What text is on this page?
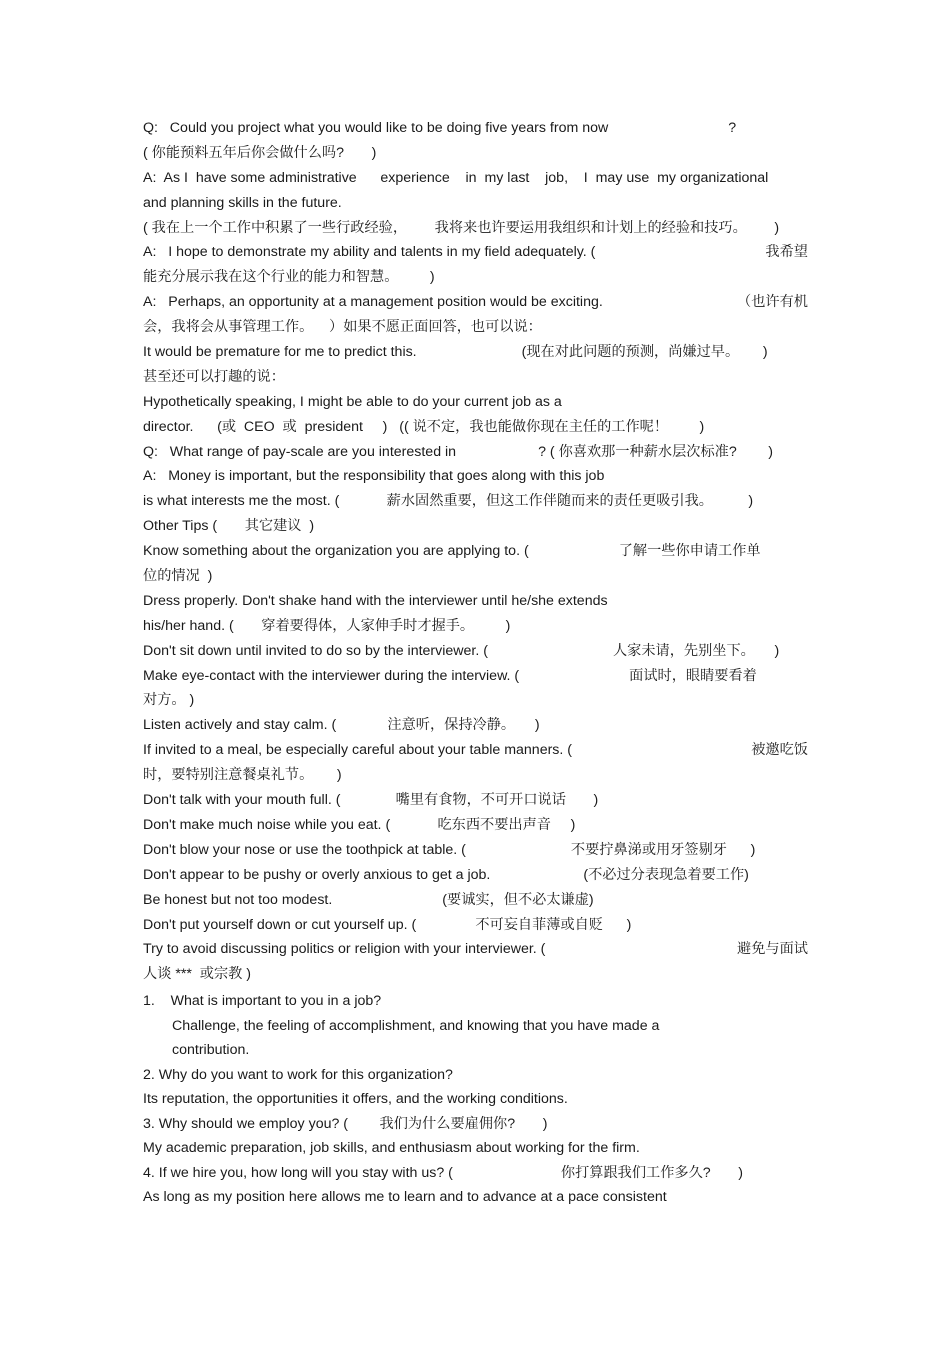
Q:   Could you project what you would like to be doing five years from now	?
( 你能预料五年后你会做什么吗?       )
A:  As I  have some administrative      experience    in  my last    job,    I  may use  my organizational
and planning skills in the future.
( 我在上一个工作中积累了一些行政经验，       我将来也许要运用我组织和计划上的经验和技巧。       )
我希望
A:   I hope to demonstrate my ability and talents in my field adequately. (
能充分展示我在这个行业的能力和智慧。        )
（也许有机
A:   Perhaps, an opportunity at a management position would be exciting.
会，我将会从事管理工作。    ）如果不愿正面回答，也可以说：
It would be premature for me to predict this.	(现在对此问题的预测，尚嫌过早。      )
甚至还可以打趣的说：
Hypothetically speaking, I might be able to do your current job as a
director.      (或  CEO  或  president     )   (( 说不定，我也能做你现在主任的工作呢！        )
Q:   What range of pay-scale are you interested in	? ( 你喜欢那一种薪水层次标准?        )
A:   Money is important, but the responsibility that goes along with this job
is what interests me the most. (            薪水固然重要，但这工作伴随而来的责任更吸引我。         )
Other Tips (       其它建议  )
Know something about the organization you are applying to. (	了解一些你申请工作单
位的情况  )
Dress properly. Don't shake hand with the interviewer until he/she extends
his/her hand. (       穿着要得体，人家伸手时才握手。        )
Don't sit down until invited to do so by the interviewer. (	人家未请，先别坐下。     )
Make eye-contact with the interviewer during the interview. (	面试时，眼睛要看着
对方。 )
Listen actively and stay calm. (             注意听，保持冷静。     )
被邀吃饭
If invited to a meal, be especially careful about your table manners. (
时，要特别注意餐桌礼节。      )
Don't talk with your mouth full. (              嘴里有食物，不可开口说话       )
Don't make much noise while you eat. (            吃东西不要出声音     )
Don't blow your nose or use the toothpick at table. (	不要拧鼻涕或用牙签剔牙      )
Don't appear to be pushy or overly anxious to get a job.	(不必过分表现急着要工作)
Be honest but not too modest.	(要诚实，但不必太谦虚)
Don't put yourself down or cut yourself up. (               不可妄自菲薄或自贬      )
避免与面试
Try to avoid discussing politics or religion with your interviewer. (
人谈 ***  或宗教 )
1.    What is important to you in a job?
Challenge, the feeling of accomplishment, and knowing that you have made a
contribution.
2. Why do you want to work for this organization?
Its reputation, the opportunities it offers, and the working conditions.
3. Why should we employ you? (        我们为什么要雇佣你?       )
My academic preparation, job skills, and enthusiasm about working for the firm.
4. If we hire you, how long will you stay with us? (	你打算跟我们工作多久?       )
As long as my position here allows me to learn and to advance at a pace consistent
